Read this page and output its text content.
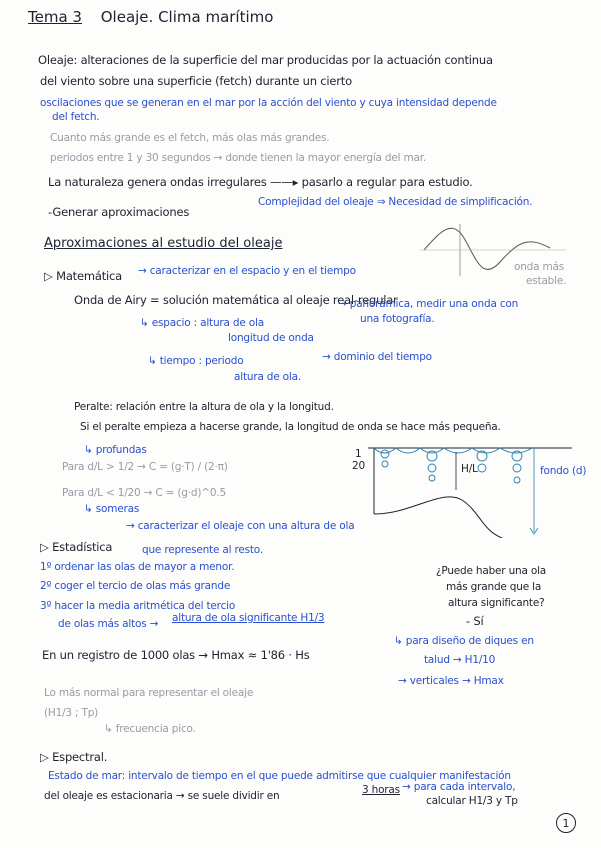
Tema 3 Oleaje. Clima marítimo
Oleaje: alteraciones de la superficie del mar producidas por la actuación continua
del viento sobre una superficie (fetch) durante un cierto
oscilaciones que se generan en el mar por la acción del viento y cuya intensidad depende
del fetch.
Cuanto más grande es el fetch, más olas más grandes.
periodos entre 1 y 30 segundos → donde tienen la mayor energía del mar.
La naturaleza genera ondas irregulares ——▸ pasarlo a regular para estudio.
-Generar aproximaciones
Complejidad del oleaje ⇒ Necesidad de simplificación.
Aproximaciones al estudio del oleaje
onda más
estable.
▷ Matemática → caracterizar en el espacio y en el tiempo
Onda de Airy = solución matemática al oleaje real-regular
↳ espacio : altura de ola
longitud de onda
→ panorámica, medir una onda con
una fotografía.
↳ tiempo : periodo
altura de ola.
→ dominio del tiempo
Peralte: relación entre la altura de ola y la longitud.
Si el peralte empieza a hacerse grande, la longitud de onda se hace más pequeña.
↳ profundas
Para d/L > 1/2 → C = (g·T) / (2·π)
Para d/L < 1/20 → C = (g·d)^0.5
↳ someras
1
20	H/L	fondo (d)
▷ Estadística
→ caracterizar el oleaje con una altura de ola
que represente al resto.
1º ordenar las olas de mayor a menor.
2º coger el tercio de olas más grande
3º hacer la media aritmética del tercio
de olas más altos → altura de ola significante H1/3
¿Puede haber una ola
más grande que la
altura significante?
- Sí
En un registro de 1000 olas → Hmax ≈ 1'86 · Hs
↳ para diseño de diques en
talud → H1/10
→ verticales → Hmax
Lo más normal para representar el oleaje
(H1/3 ; Tp)
↳ frecuencia pico.
▷ Espectral.
Estado de mar: intervalo de tiempo en el que puede admitirse que cualquier manifestación
del oleaje es estacionaria → se suele dividir en	3 horas → para cada intervalo,
calcular H1/3 y Tp
1
